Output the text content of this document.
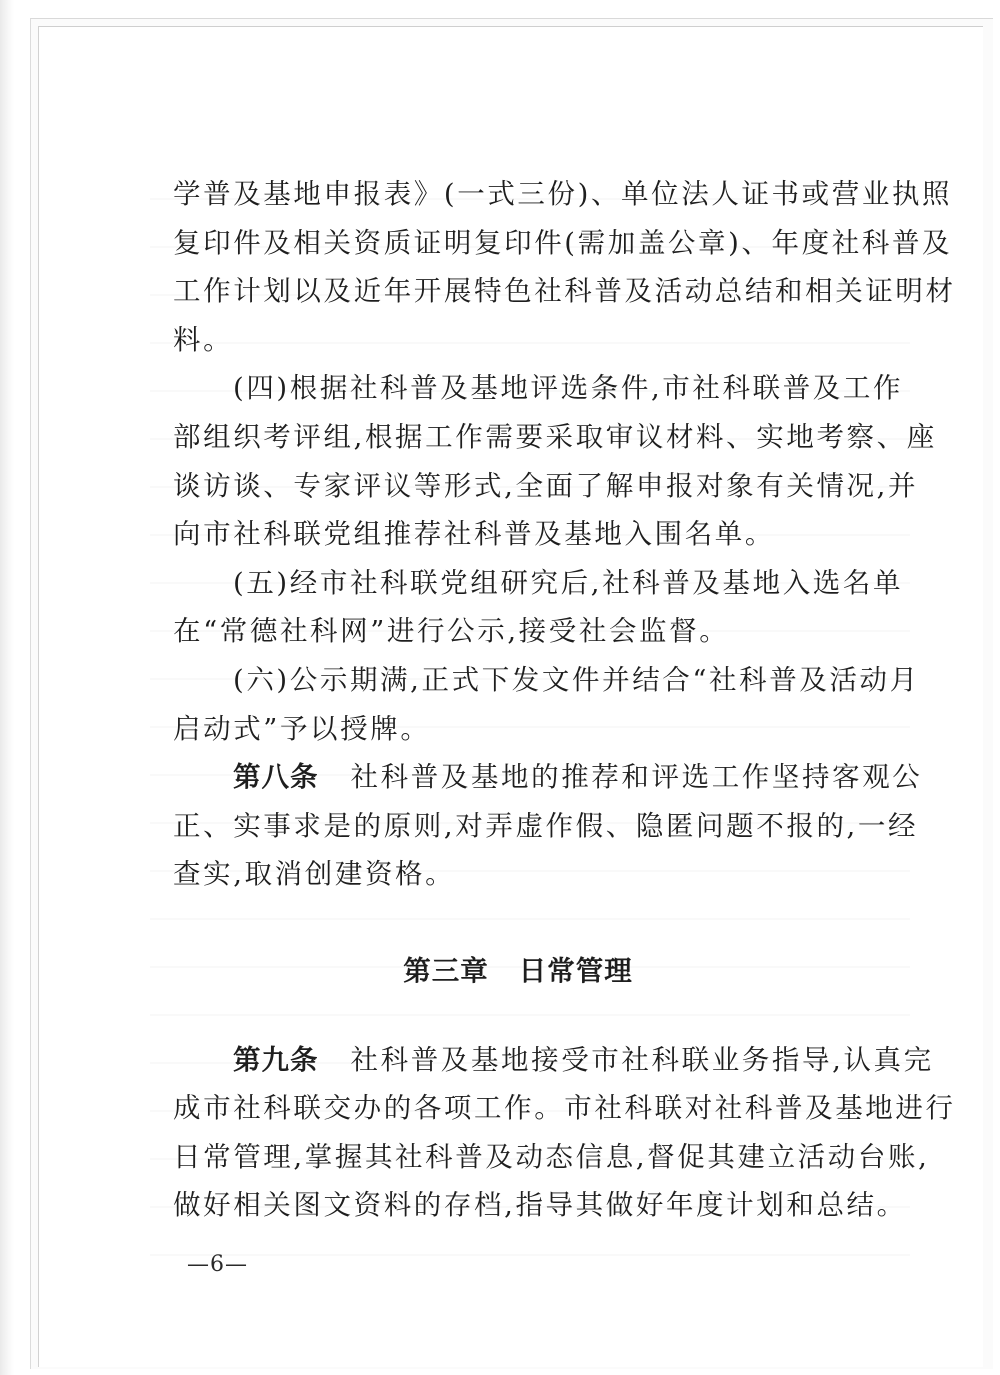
学普及基地申报表》(一式三份)、单位法人证书或营业执照
复印件及相关资质证明复印件(需加盖公章)、年度社科普及
工作计划以及近年开展特色社科普及活动总结和相关证明材
料。
(四)根据社科普及基地评选条件,市社科联普及工作
部组织考评组,根据工作需要采取审议材料、实地考察、座
谈访谈、专家评议等形式,全面了解申报对象有关情况,并
向市社科联党组推荐社科普及基地入围名单。
(五)经市社科联党组研究后,社科普及基地入选名单
在“常德社科网”进行公示,接受社会监督。
(六)公示期满,正式下发文件并结合“社科普及活动月
启动式”予以授牌。
第八条 社科普及基地的推荐和评选工作坚持客观公
正、实事求是的原则,对弄虚作假、隐匿问题不报的,一经
查实,取消创建资格。
第三章 日常管理
第九条 社科普及基地接受市社科联业务指导,认真完
成市社科联交办的各项工作。市社科联对社科普及基地进行
日常管理,掌握其社科普及动态信息,督促其建立活动台账,
做好相关图文资料的存档,指导其做好年度计划和总结。
—6—
